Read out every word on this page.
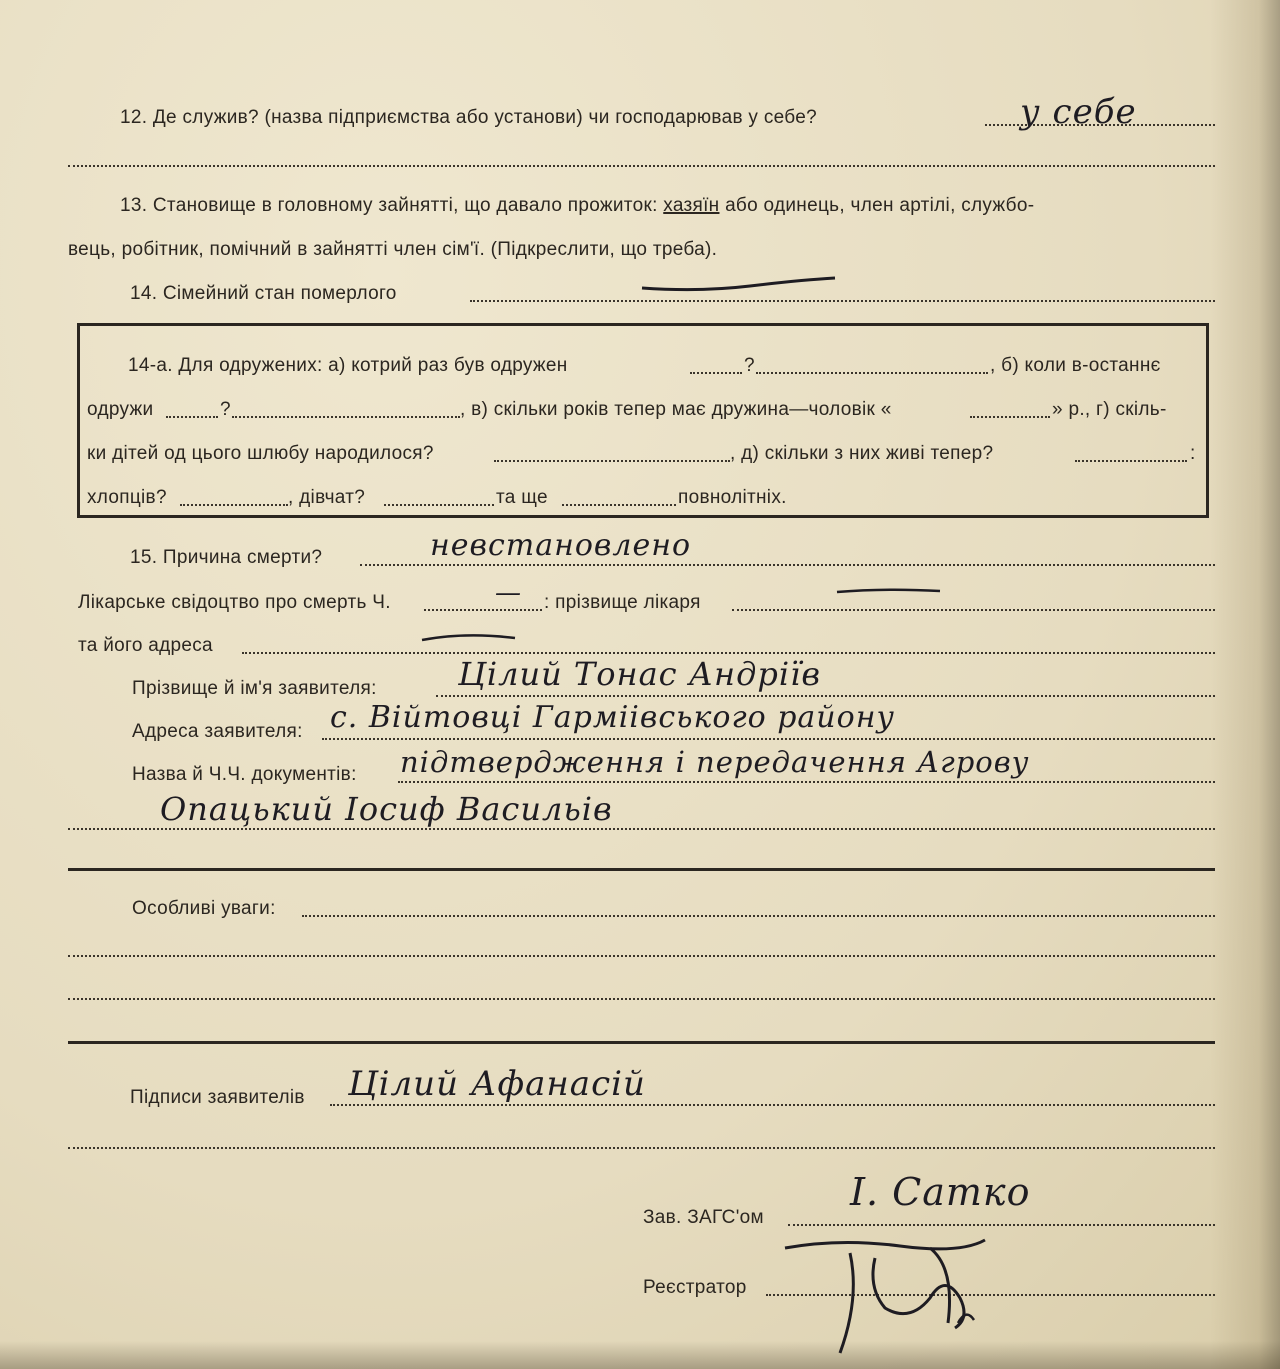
12. Де служив? (назва підприємства або установи) чи господарював у себе?	у себе
13. Становище в головному зайнятті, що давало прожиток: хазяїн або одинець, член артілі, службо-
вець, робітник, помічний в зайнятті член сім'ї. (Підкреслити, що треба).
14. Сімейний стан померлого
14-а. Для одружених: а) котрий раз був одружен	?	, б) коли в-останнє
одружи	?	, в) скільки років тепер має дружина—чоловік «	» р., г) скіль-
ки дітей од цього шлюбу народилося?	, д) скільки з них живі тепер?	:
хлопців?	, дівчат?	та ще	повнолітніх.
15. Причина смерти?	невстановлено
Лікарське свідоцтво про смерть Ч.	— : прізвище лікаря
та його адреса
Прізвище й ім'я заявителя:	Цілий Тонас Андріїв
Адреса заявителя: с. Війтовці Гарміівського району
Назва й Ч.Ч. документів: підтвердження і передачення Агрову
Опацький Іосиф Васильів
Особливі уваги:
Підписи заявителів Цілий Афанасій
Зав. ЗАГС'ом
І. Сатко
Реєстратор
